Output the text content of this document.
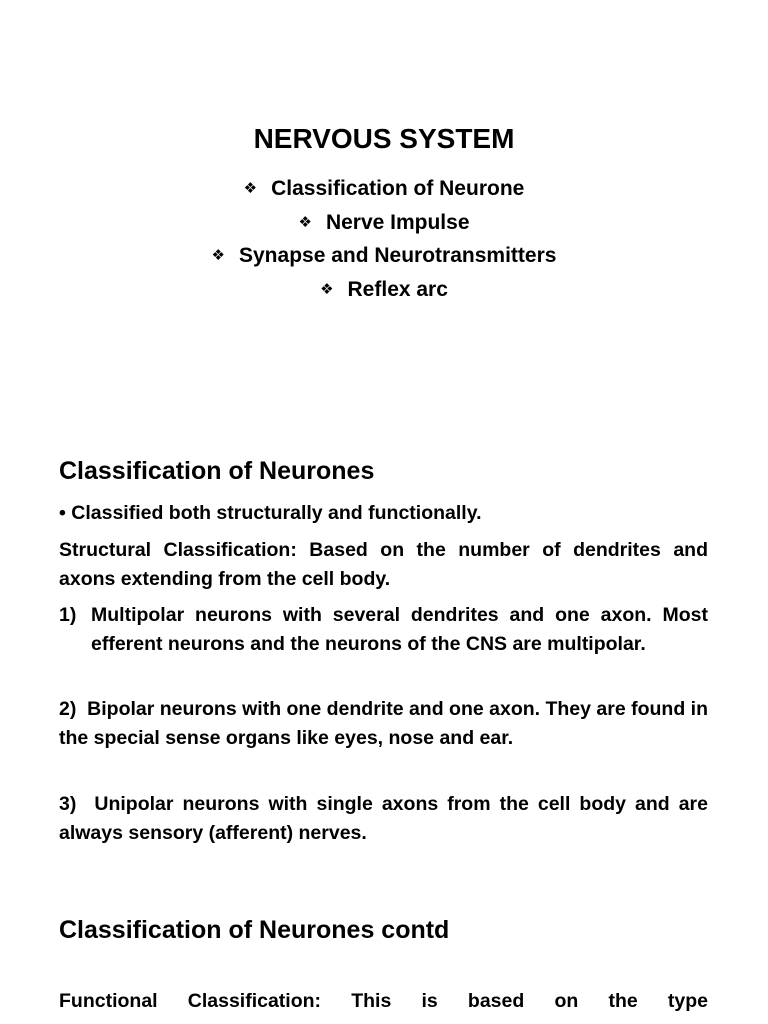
NERVOUS SYSTEM
❖ Classification of Neurone
❖ Nerve Impulse
❖ Synapse and Neurotransmitters
❖ Reflex arc
Classification of Neurones
• Classified both structurally and functionally.

Structural Classification: Based on the number of dendrites and axons extending from the cell body.

1) Multipolar neurons with several dendrites and one axon. Most efferent neurons and the neurons of the CNS are multipolar.

2)  Bipolar neurons with one dendrite and one axon. They are found in the special sense organs like eyes, nose and ear.

3)  Unipolar neurons with single axons from the cell body and are always sensory (afferent) nerves.

Classification of Neurones contd

Functional Classification: This is based on the type
